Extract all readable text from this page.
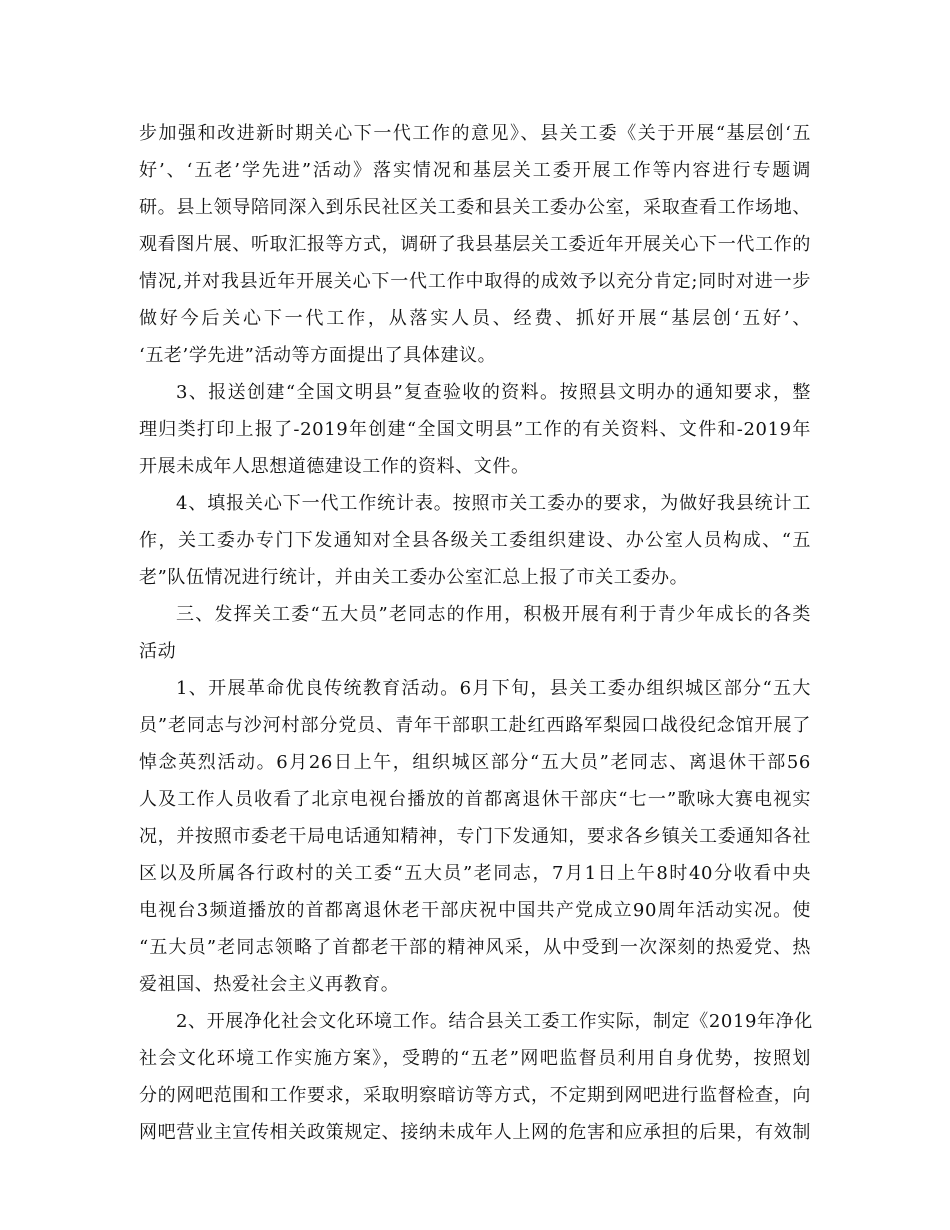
步加强和改进新时期关心下一代工作的意见》、县关工委《关于开展“基层创‘五
好’、‘五老’学先进”活动》落实情况和基层关工委开展工作等内容进行专题调
研。县上领导陪同深入到乐民社区关工委和县关工委办公室，采取查看工作场地、
观看图片展、听取汇报等方式，调研了我县基层关工委近年开展关心下一代工作的
情况,并对我县近年开展关心下一代工作中取得的成效予以充分肯定;同时对进一步
做好今后关心下一代工作，从落实人员、经费、抓好开展“基层创‘五好’、
‘五老’学先进”活动等方面提出了具体建议。
3、报送创建“全国文明县”复查验收的资料。按照县文明办的通知要求，整
理归类打印上报了-2019年创建“全国文明县”工作的有关资料、文件和-2019年
开展未成年人思想道德建设工作的资料、文件。
4、填报关心下一代工作统计表。按照市关工委办的要求，为做好我县统计工
作，关工委办专门下发通知对全县各级关工委组织建设、办公室人员构成、“五
老”队伍情况进行统计，并由关工委办公室汇总上报了市关工委办。
三、发挥关工委“五大员”老同志的作用，积极开展有利于青少年成长的各类
活动
1、开展革命优良传统教育活动。6月下旬，县关工委办组织城区部分“五大
员”老同志与沙河村部分党员、青年干部职工赴红西路军梨园口战役纪念馆开展了
悼念英烈活动。6月26日上午，组织城区部分“五大员”老同志、离退休干部56
人及工作人员收看了北京电视台播放的首都离退休干部庆“七一”歌咏大赛电视实
况，并按照市委老干局电话通知精神，专门下发通知，要求各乡镇关工委通知各社
区以及所属各行政村的关工委“五大员”老同志，7月1日上午8时40分收看中央
电视台3频道播放的首都离退休老干部庆祝中国共产党成立90周年活动实况。使
“五大员”老同志领略了首都老干部的精神风采，从中受到一次深刻的热爱党、热
爱祖国、热爱社会主义再教育。
2、开展净化社会文化环境工作。结合县关工委工作实际，制定《2019年净化
社会文化环境工作实施方案》，受聘的“五老”网吧监督员利用自身优势，按照划
分的网吧范围和工作要求，采取明察暗访等方式，不定期到网吧进行监督检查，向
网吧营业主宣传相关政策规定、接纳未成年人上网的危害和应承担的后果，有效制
